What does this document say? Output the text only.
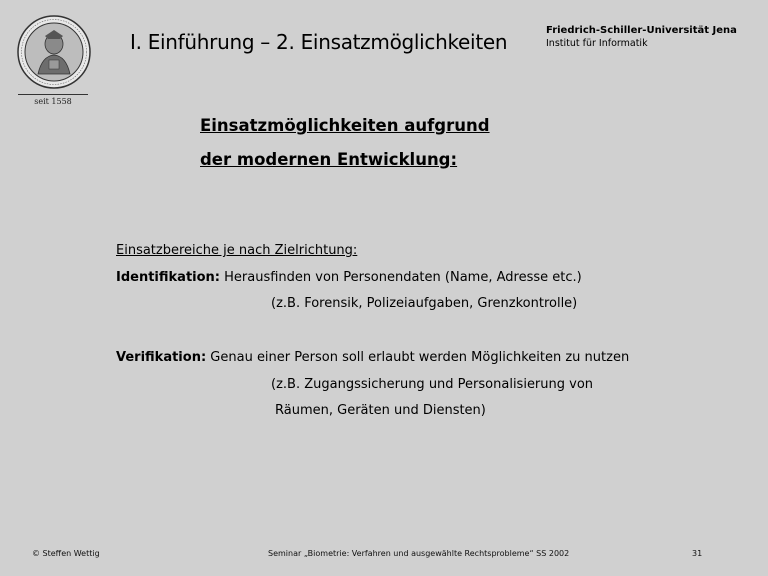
seit 1558
I. Einführung – 2. Einsatzmöglichkeiten	Friedrich-Schiller-Universität Jena
Institut für Informatik
Einsatzmöglichkeiten aufgrund
der modernen Entwicklung:
Einsatzbereiche je nach Zielrichtung:
Identifikation: Herausfinden von Personendaten (Name, Adresse etc.)
(z.B. Forensik, Polizeiaufgaben, Grenzkontrolle)
Verifikation: Genau einer Person soll erlaubt werden Möglichkeiten zu nutzen
(z.B. Zugangssicherung und Personalisierung von
Räumen, Geräten und Diensten)
© Steffen Wettig	Seminar „Biometrie: Verfahren und ausgewählte Rechtsprobleme“ SS 2002	31
